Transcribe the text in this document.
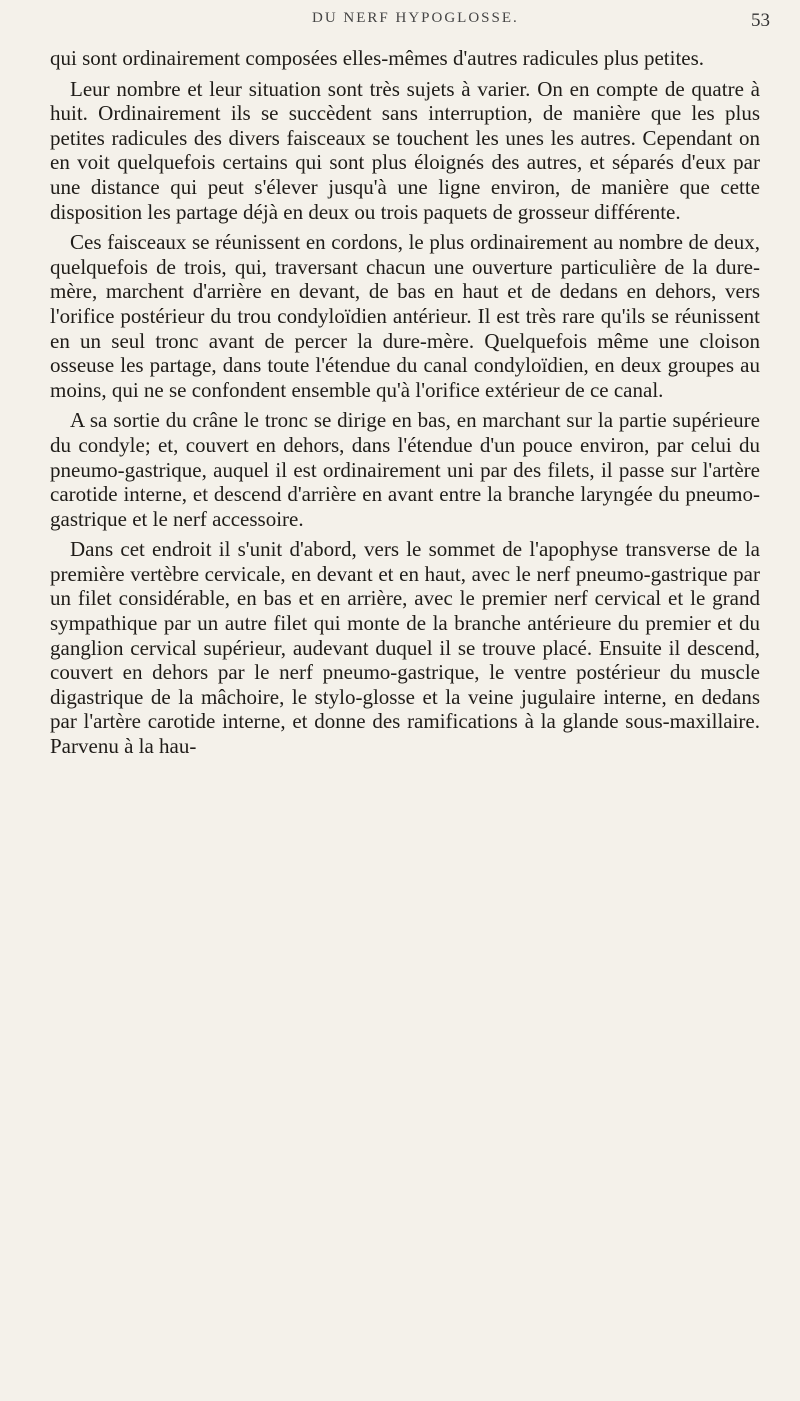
DU NERF HYPOGLOSSE.	53

qui sont ordinairement composées elles-mêmes d'autres radicules plus petites.

Leur nombre et leur situation sont très sujets à varier. On en compte de quatre à huit. Ordinairement ils se succèdent sans interruption, de manière que les plus petites radicules des divers faisceaux se touchent les unes les autres. Cependant on en voit quelquefois certains qui sont plus éloignés des autres, et séparés d'eux par une distance qui peut s'élever jusqu'à une ligne environ, de manière que cette disposition les partage déjà en deux ou trois paquets de grosseur différente.

Ces faisceaux se réunissent en cordons, le plus ordinairement au nombre de deux, quelquefois de trois, qui, traversant chacun une ouverture particulière de la dure-mère, marchent d'arrière en devant, de bas en haut et de dedans en dehors, vers l'orifice postérieur du trou condyloïdien antérieur. Il est très rare qu'ils se réunissent en un seul tronc avant de percer la dure-mère. Quelquefois même une cloison osseuse les partage, dans toute l'étendue du canal condyloïdien, en deux groupes au moins, qui ne se confondent ensemble qu'à l'orifice extérieur de ce canal.

A sa sortie du crâne le tronc se dirige en bas, en marchant sur la partie supérieure du condyle; et, couvert en dehors, dans l'étendue d'un pouce environ, par celui du pneumo-gastrique, auquel il est ordinairement uni par des filets, il passe sur l'artère carotide interne, et descend d'arrière en avant entre la branche laryngée du pneumo-gastrique et le nerf accessoire.

Dans cet endroit il s'unit d'abord, vers le sommet de l'apophyse transverse de la première vertèbre cervicale, en devant et en haut, avec le nerf pneumo-gastrique par un filet considérable, en bas et en arrière, avec le premier nerf cervical et le grand sympathique par un autre filet qui monte de la branche antérieure du premier et du ganglion cervical supérieur, audevant duquel il se trouve placé. Ensuite il descend, couvert en dehors par le nerf pneumo-gastrique, le ventre postérieur du muscle digastrique de la mâchoire, le stylo-glosse et la veine jugulaire interne, en dedans par l'artère carotide interne, et donne des ramifications à la glande sous-maxillaire. Parvenu à la hau-
